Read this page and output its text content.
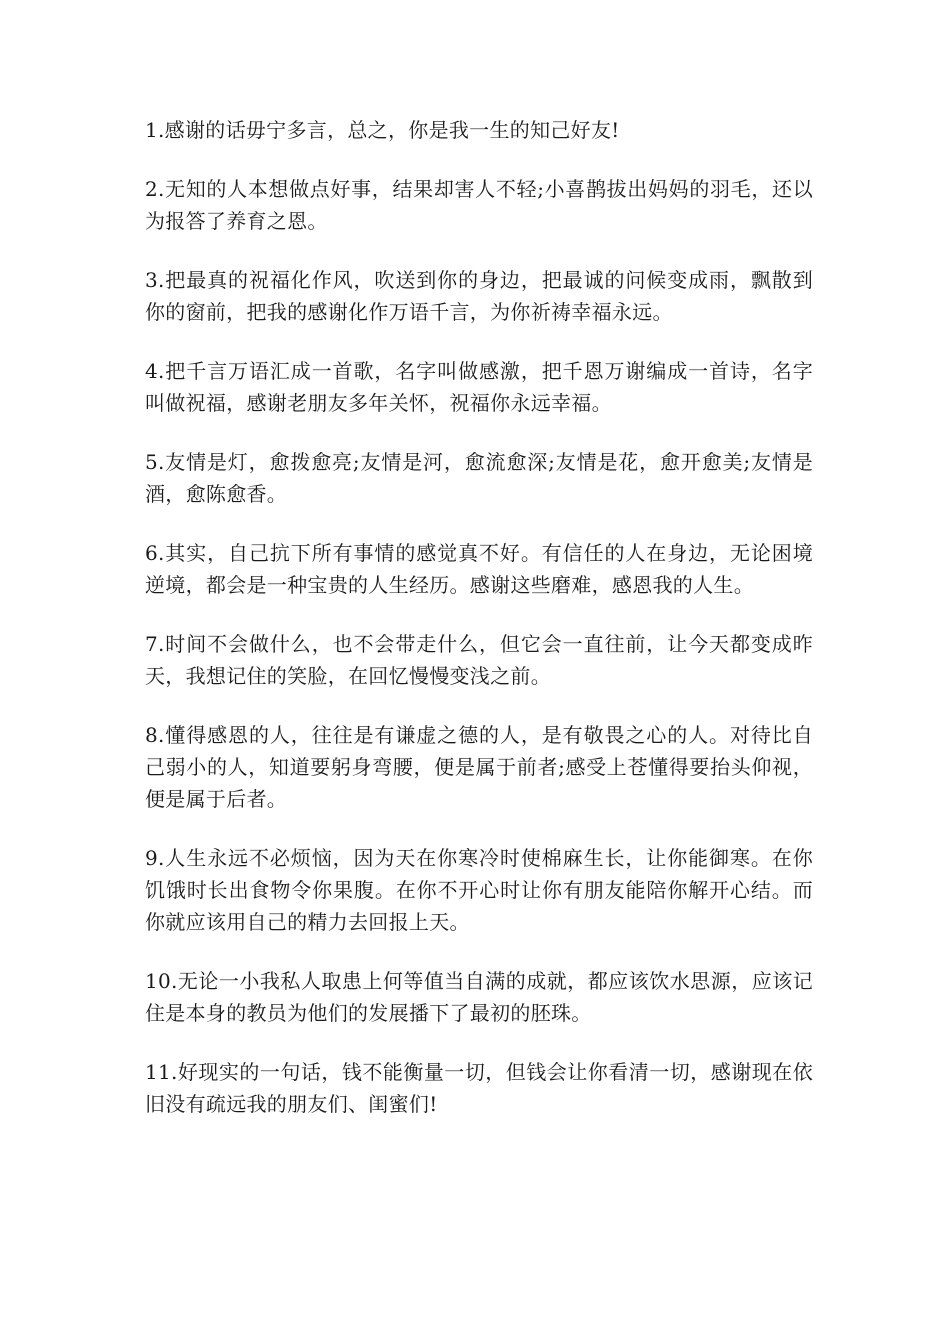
1.感谢的话毋宁多言，总之，你是我一生的知己好友!

2.无知的人本想做点好事，结果却害人不轻;小喜鹊拔出妈妈的羽毛，还以为报答了养育之恩。

3.把最真的祝福化作风，吹送到你的身边，把最诚的问候变成雨，飘散到你的窗前，把我的感谢化作万语千言，为你祈祷幸福永远。

4.把千言万语汇成一首歌，名字叫做感激，把千恩万谢编成一首诗，名字叫做祝福，感谢老朋友多年关怀，祝福你永远幸福。

5.友情是灯，愈拨愈亮;友情是河，愈流愈深;友情是花，愈开愈美;友情是酒，愈陈愈香。

6.其实，自己抗下所有事情的感觉真不好。有信任的人在身边，无论困境逆境，都会是一种宝贵的人生经历。感谢这些磨难，感恩我的人生。

7.时间不会做什么，也不会带走什么，但它会一直往前，让今天都变成昨天，我想记住的笑脸，在回忆慢慢变浅之前。

8.懂得感恩的人，往往是有谦虚之德的人，是有敬畏之心的人。对待比自己弱小的人，知道要躬身弯腰，便是属于前者;感受上苍懂得要抬头仰视，便是属于后者。

9.人生永远不必烦恼，因为天在你寒冷时使棉麻生长，让你能御寒。在你饥饿时长出食物令你果腹。在你不开心时让你有朋友能陪你解开心结。而你就应该用自己的精力去回报上天。

10.无论一小我私人取患上何等值当自满的成就，都应该饮水思源，应该记住是本身的教员为他们的发展播下了最初的胚珠。

11.好现实的一句话，钱不能衡量一切，但钱会让你看清一切，感谢现在依旧没有疏远我的朋友们、闺蜜们!
